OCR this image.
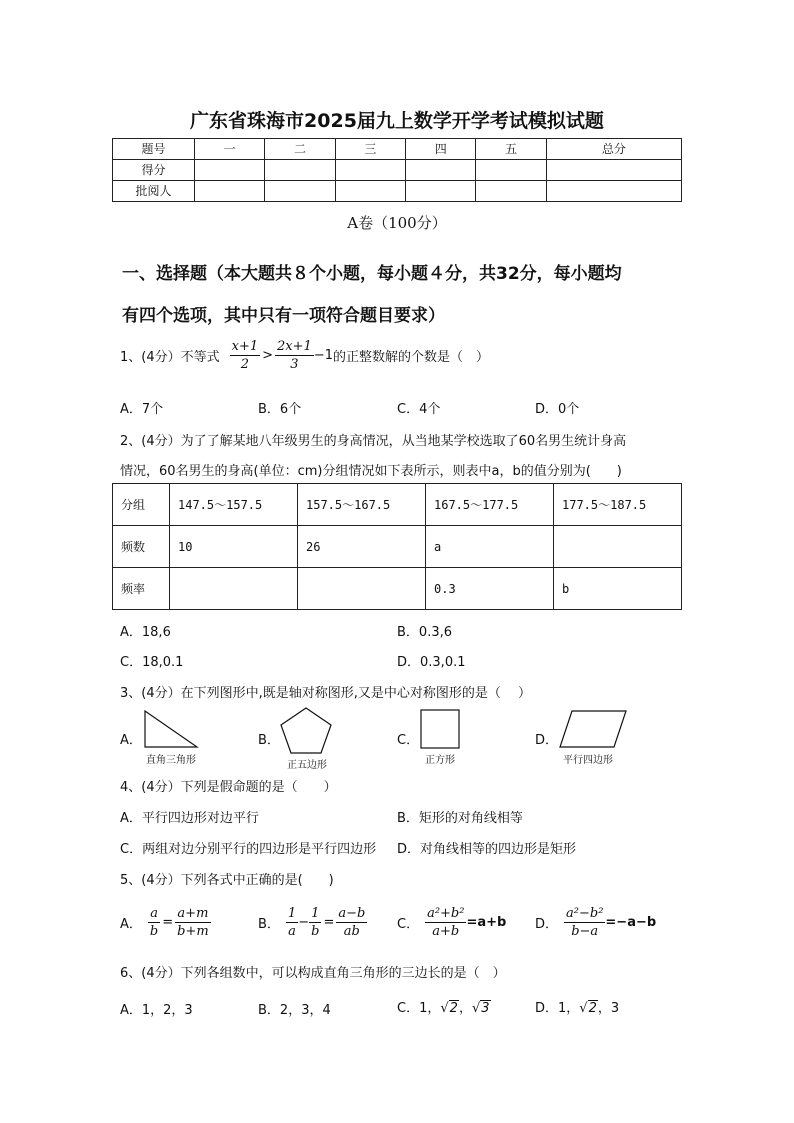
广东省珠海市2025届九上数学开学考试模拟试题
题号	一	二	三	四	五	总分
得分						
批阅人						
A卷（100分）
一、选择题（本大题共８个小题，每小题４分，共32分，每小题均
有四个选项，其中只有一项符合题目要求）
1、(4分）不等式 $\frac{x+1}{2} > \frac{2x+1}{3} -1$ 的正整数解的个数是（　）
A．7个	B．6个	C．4个	D．0个
2、(4分）为了了解某地八年级男生的身高情况，从当地某学校选取了60名男生统计身高
情况，60名男生的身高(单位：cm)分组情况如下表所示，则表中a，b的值分别为(　　)
分组	147.5～157.5	157.5～167.5	167.5～177.5	177.5～187.5
频数	10	26	a	
频率			0.3	b
A．18,6	B．0.3,6
C．18,0.1	D．0.3,0.1
3、(4分）在下列图形中,既是轴对称图形,又是中心对称图形的是（　 ）
A．
直角三角形
B．
正五边形
C．
正方形
D．
平行四边形
4、(4分）下列是假命题的是（　　）
A．平行四边形对边平行	B．矩形的对角线相等
C．两组对边分别平行的四边形是平行四边形 D．对角线相等的四边形是矩形
5、(4分）下列各式中正确的是(　　)
A． $\frac{a}{b} = \frac{a+m}{b+m}$	B． $\frac{1}{a} - \frac{1}{b} = \frac{a-b}{ab}$ C． $\frac{\text{a²+b²}}{a+b} =a+b$ D． $\frac{\text{a²−b²}}{b-a} =-a-b$
6、(4分）下列各组数中，可以构成直角三角形的三边长的是（　）
A．1，2，3	B．2，3，4	C．1，√2，√3	D．1，√2，3
